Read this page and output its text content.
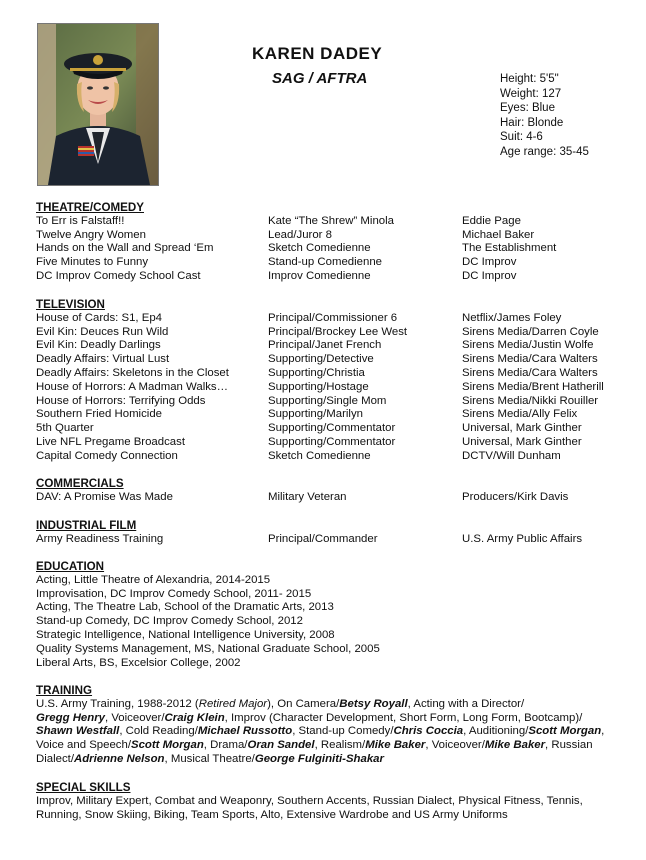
KAREN DADEY
SAG / AFTRA	Height: 5'5"
Weight: 127
Eyes: Blue
Hair: Blonde
Suit: 4-6
Age range: 35-45
THEATRE/COMEDY
To Err is Falstaff!!	Kate “The Shrew” Minola	Eddie Page
Twelve Angry Women	Lead/Juror 8	Michael Baker
Hands on the Wall and Spread ‘Em	Sketch Comedienne	The Establishment
Five Minutes to Funny	Stand-up Comedienne	DC Improv
DC Improv Comedy School Cast	Improv Comedienne	DC Improv
TELEVISION
House of Cards: S1, Ep4	Principal/Commissioner 6	Netflix/James Foley
Evil Kin: Deuces Run Wild	Principal/Brockey Lee West	Sirens Media/Darren Coyle
Evil Kin: Deadly Darlings	Principal/Janet French	Sirens Media/Justin Wolfe
Deadly Affairs: Virtual Lust	Supporting/Detective	Sirens Media/Cara Walters
Deadly Affairs: Skeletons in the Closet	Supporting/Christia	Sirens Media/Cara Walters
House of Horrors: A Madman Walks…	Supporting/Hostage	Sirens Media/Brent Hatherill
House of Horrors: Terrifying Odds	Supporting/Single Mom	Sirens Media/Nikki Rouiller
Southern Fried Homicide	Supporting/Marilyn	Sirens Media/Ally Felix
5th Quarter	Supporting/Commentator	Universal, Mark Ginther
Live NFL Pregame Broadcast	Supporting/Commentator	Universal, Mark Ginther
Capital Comedy Connection	Sketch Comedienne	DCTV/Will Dunham
COMMERCIALS
DAV: A Promise Was Made	Military Veteran	Producers/Kirk Davis
INDUSTRIAL FILM
Army Readiness Training	Principal/Commander	U.S. Army Public Affairs
EDUCATION
Acting, Little Theatre of Alexandria, 2014-2015
Improvisation, DC Improv Comedy School, 2011- 2015
Acting, The Theatre Lab, School of the Dramatic Arts, 2013
Stand-up Comedy, DC Improv Comedy School, 2012
Strategic Intelligence, National Intelligence University, 2008
Quality Systems Management, MS, National Graduate School, 2005
Liberal Arts, BS, Excelsior College, 2002
TRAINING
U.S. Army Training, 1988-2012 (Retired Major), On Camera/Betsy Royall, Acting with a Director/
Gregg Henry, Voiceover/Craig Klein, Improv (Character Development, Short Form, Long Form, Bootcamp)/
Shawn Westfall, Cold Reading/Michael Russotto, Stand-up Comedy/Chris Coccia, Auditioning/Scott Morgan,
Voice and Speech/Scott Morgan, Drama/Oran Sandel, Realism/Mike Baker, Voiceover/Mike Baker, Russian
Dialect/Adrienne Nelson, Musical Theatre/George Fulginiti-Shakar
SPECIAL SKILLS
Improv, Military Expert, Combat and Weaponry, Southern Accents, Russian Dialect, Physical Fitness, Tennis,
Running, Snow Skiing, Biking, Team Sports, Alto, Extensive Wardrobe and US Army Uniforms
